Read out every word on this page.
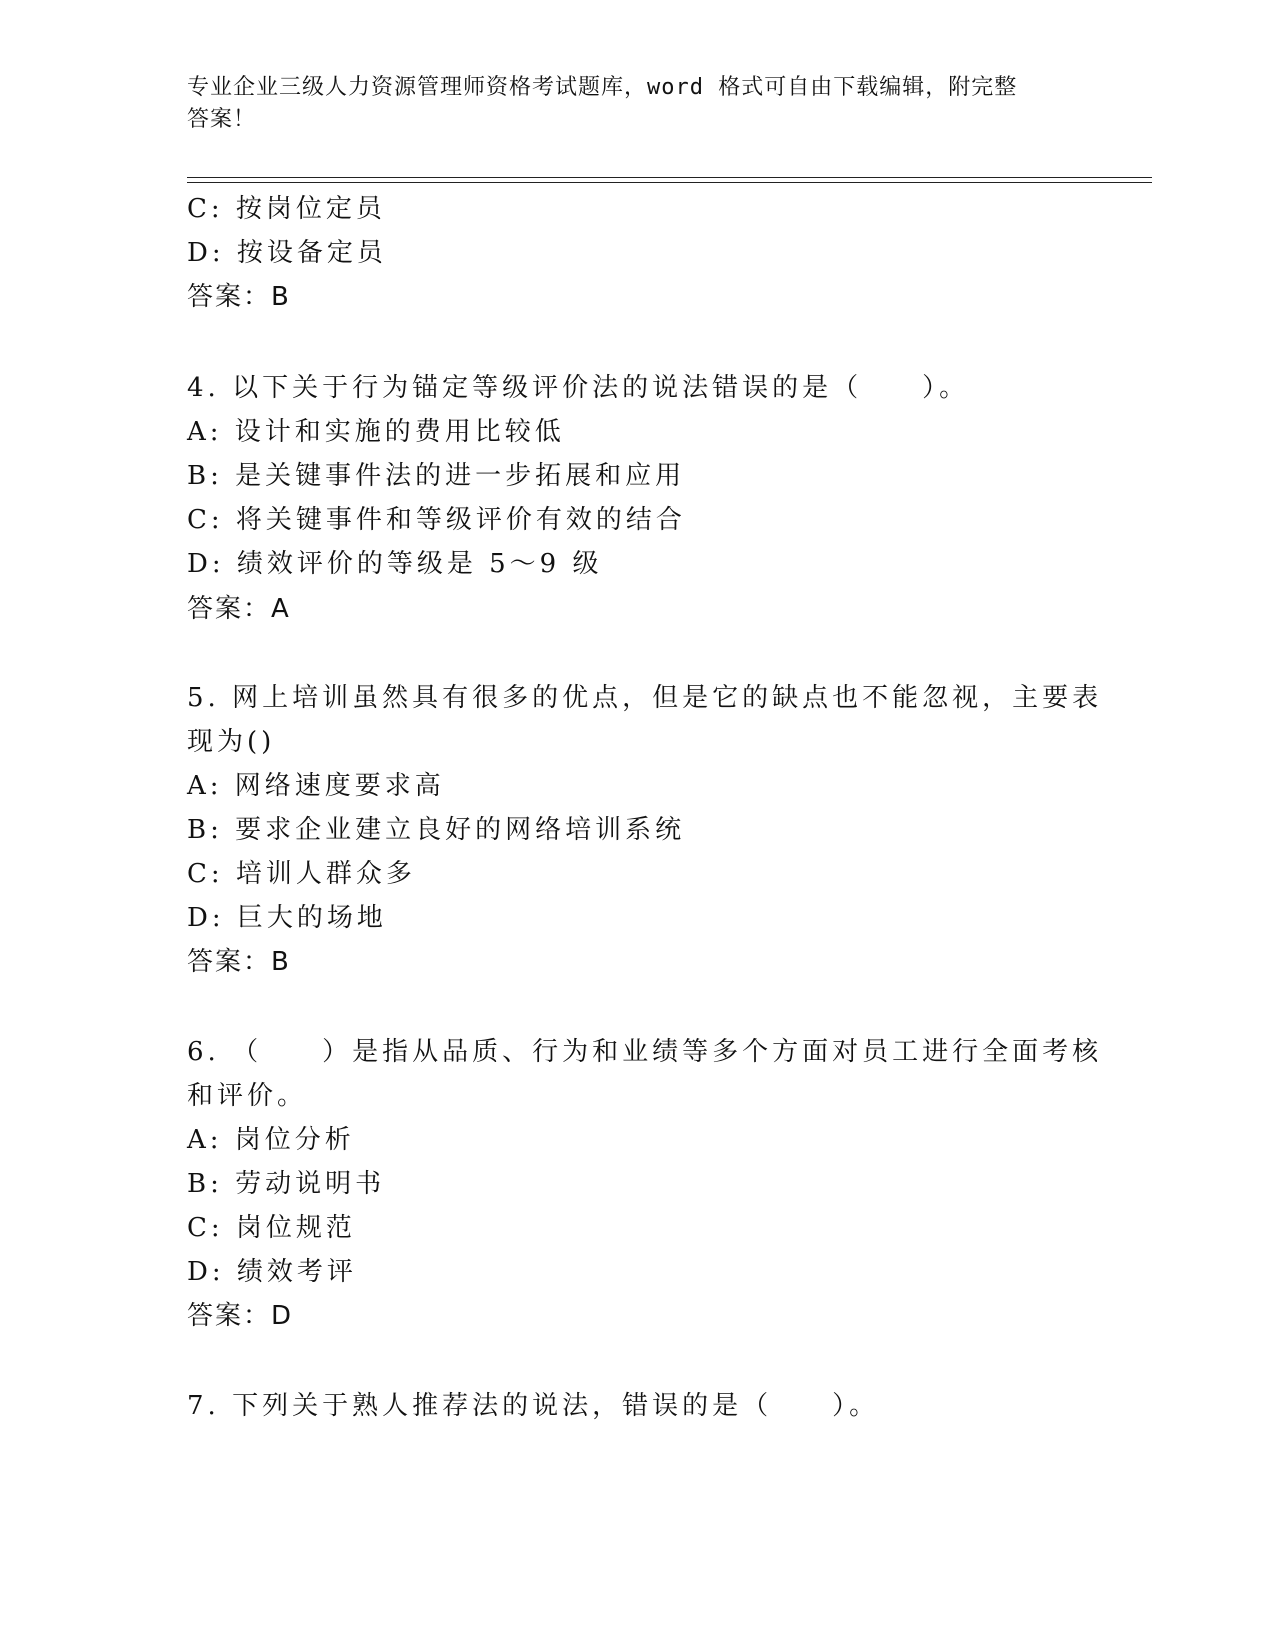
专业企业三级人力资源管理师资格考试题库，word 格式可自由下载编辑，附完整
答案！
C: 按岗位定员
D: 按设备定员
答案：B
4. 以下关于行为锚定等级评价法的说法错误的是（　　）。
A: 设计和实施的费用比较低
B: 是关键事件法的进一步拓展和应用
C: 将关键事件和等级评价有效的结合
D: 绩效评价的等级是 5～9 级
答案：A
5. 网上培训虽然具有很多的优点，但是它的缺点也不能忽视，主要表
现为()
A: 网络速度要求高
B: 要求企业建立良好的网络培训系统
C: 培训人群众多
D: 巨大的场地
答案：B
6. （　　）是指从品质、行为和业绩等多个方面对员工进行全面考核
和评价。
A: 岗位分析
B: 劳动说明书
C: 岗位规范
D: 绩效考评
答案：D
7. 下列关于熟人推荐法的说法，错误的是（　　）。
